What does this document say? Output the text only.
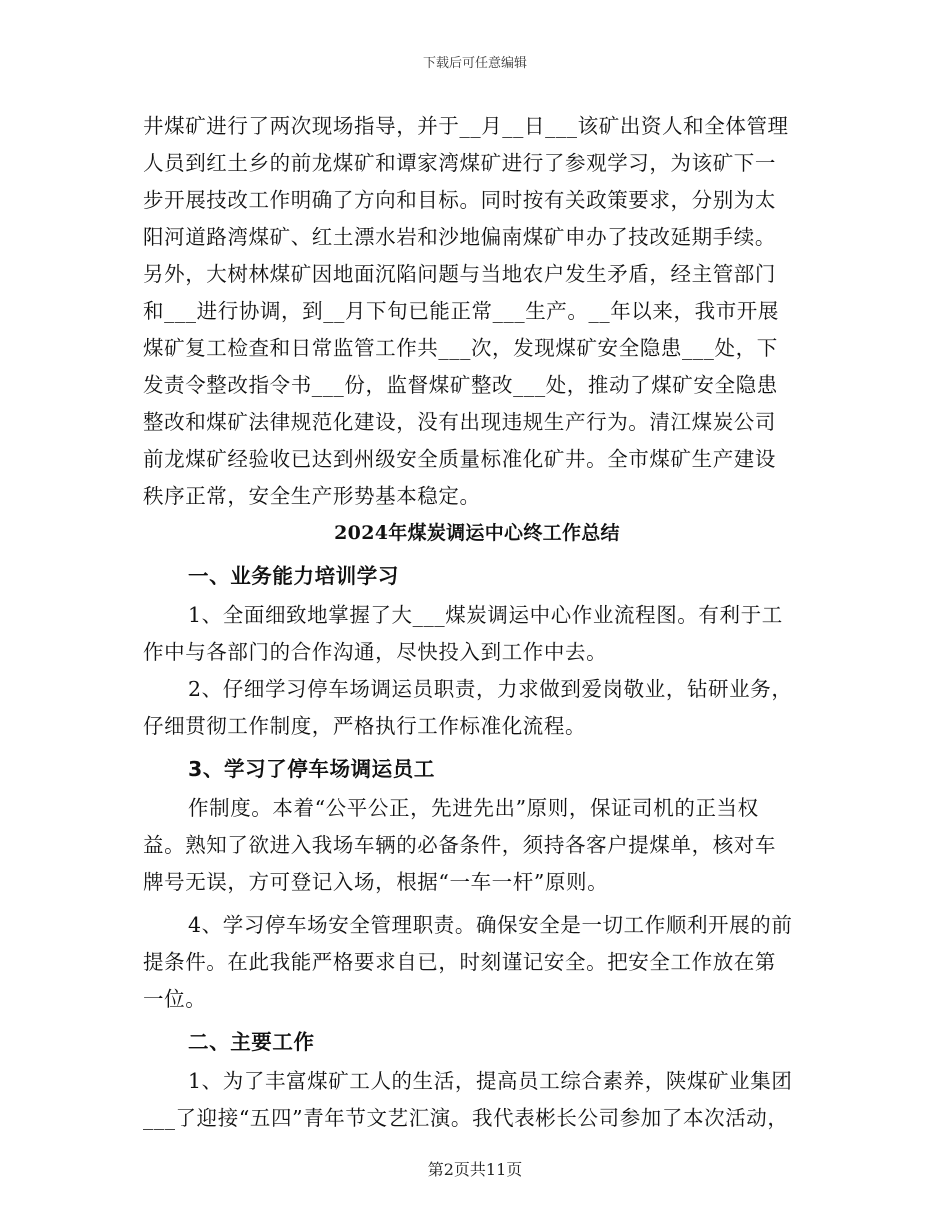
下载后可任意编辑

井煤矿进行了两次现场指导，并于__月__日___该矿出资人和全体管理

人员到红土乡的前龙煤矿和谭家湾煤矿进行了参观学习，为该矿下一

步开展技改工作明确了方向和目标。同时按有关政策要求，分别为太

阳河道路湾煤矿、红土漂水岩和沙地偏南煤矿申办了技改延期手续。

另外，大树林煤矿因地面沉陷问题与当地农户发生矛盾，经主管部门

和___进行协调，到__月下旬已能正常___生产。__年以来，我市开展

煤矿复工检查和日常监管工作共___次，发现煤矿安全隐患___处，下

发责令整改指令书___份，监督煤矿整改___处，推动了煤矿安全隐患

整改和煤矿法律规范化建设，没有出现违规生产行为。清江煤炭公司

前龙煤矿经验收已达到州级安全质量标准化矿井。全市煤矿生产建设

秩序正常，安全生产形势基本稳定。

2024年煤炭调运中心终工作总结

一、业务能力培训学习

1、全面细致地掌握了大___煤炭调运中心作业流程图。有利于工

作中与各部门的合作沟通，尽快投入到工作中去。

2、仔细学习停车场调运员职责，力求做到爱岗敬业，钻研业务，

仔细贯彻工作制度，严格执行工作标准化流程。

3、学习了停车场调运员工

作制度。本着“公平公正，先进先出”原则，保证司机的正当权

益。熟知了欲进入我场车辆的必备条件，须持各客户提煤单，核对车

牌号无误，方可登记入场，根据“一车一杆”原则。

4、学习停车场安全管理职责。确保安全是一切工作顺利开展的前

提条件。在此我能严格要求自已，时刻谨记安全。把安全工作放在第

一位。

二、主要工作

1、为了丰富煤矿工人的生活，提高员工综合素养，陕煤矿业集团

___了迎接“五四”青年节文艺汇演。我代表彬长公司参加了本次活动，

第2页共11页
